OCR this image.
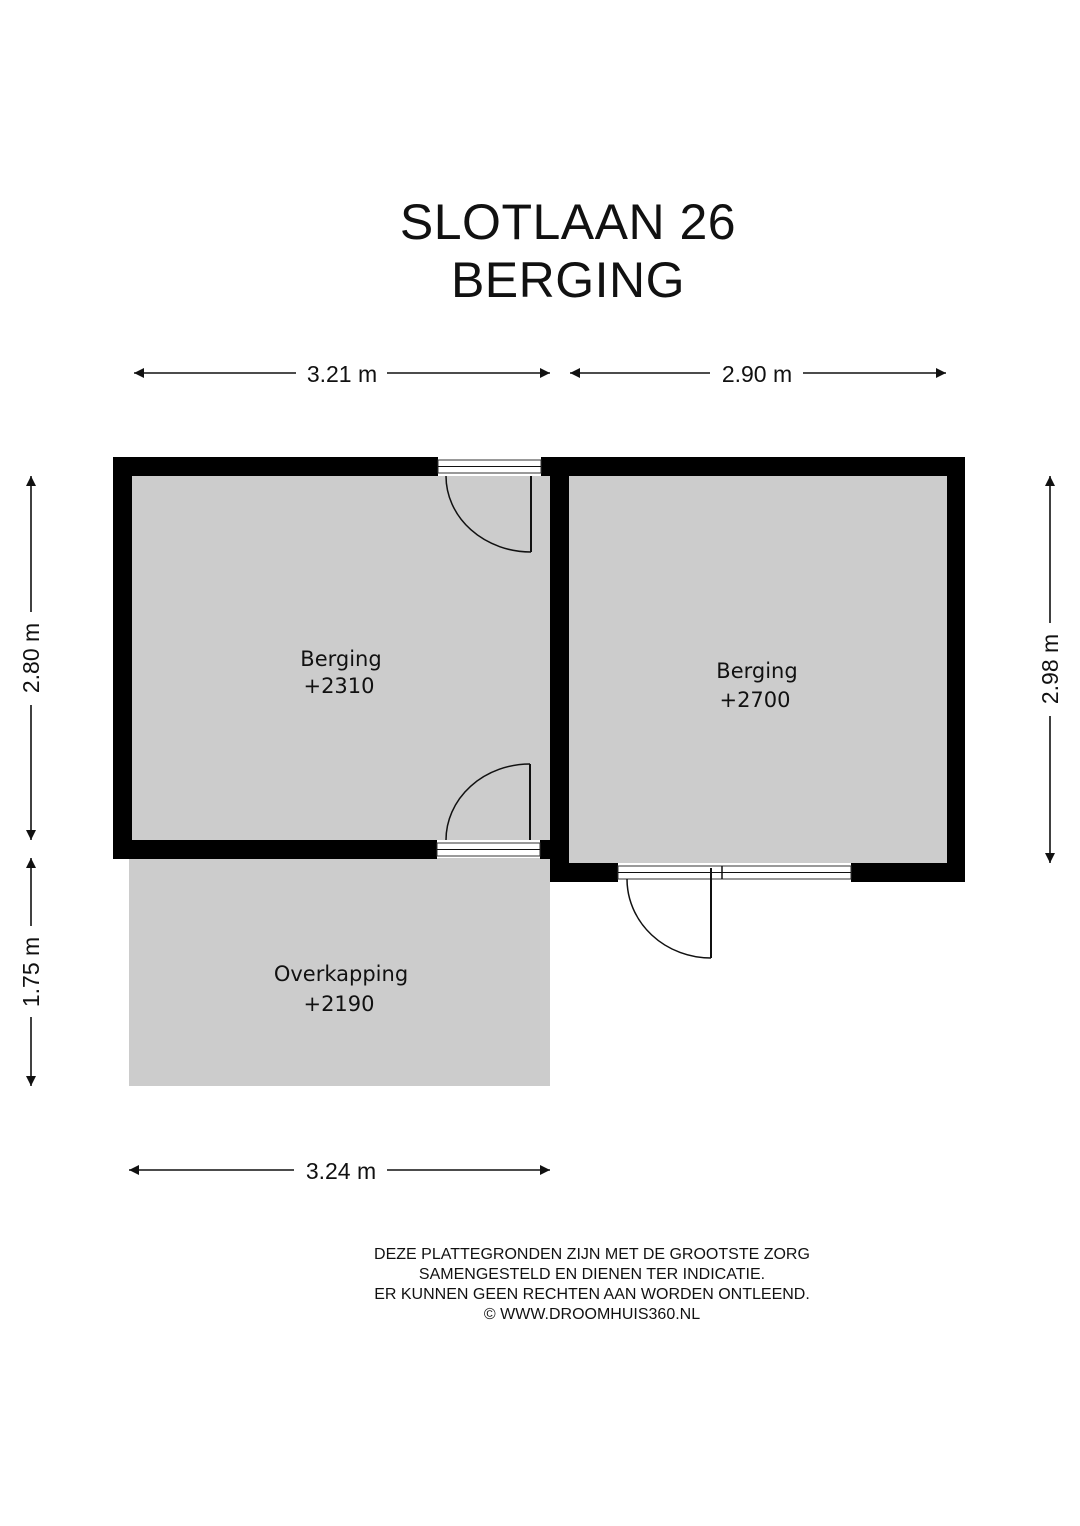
SLOTLAAN 26
BERGING
3.21 m	2.90 m
3.24 m
2.80 m
1.75 m
2.98 m
Berging
+2310
Berging
+2700
Overkapping
+2190
DEZE PLATTEGRONDEN ZIJN MET DE GROOTSTE ZORG
SAMENGESTELD EN DIENEN TER INDICATIE.
ER KUNNEN GEEN RECHTEN AAN WORDEN ONTLEEND.
© WWW.DROOMHUIS360.NL
